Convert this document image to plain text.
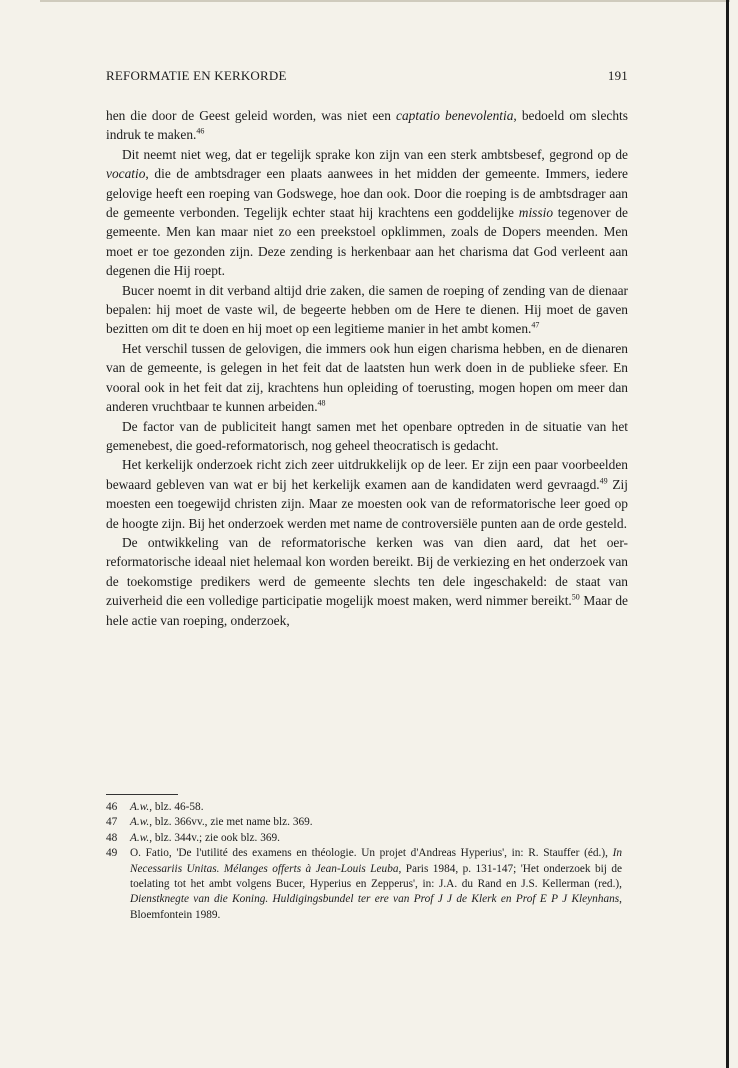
REFORMATIE EN KERKORDE	191

hen die door de Geest geleid worden, was niet een captatio benevolentia, bedoeld om slechts indruk te maken.$^{46}$

Dit neemt niet weg, dat er tegelijk sprake kon zijn van een sterk ambtsbesef, gegrond op de vocatio, die de ambtsdrager een plaats aanwees in het midden der gemeente. Immers, iedere gelovige heeft een roeping van Godswege, hoe dan ook. Door die roeping is de ambtsdrager aan de gemeente verbonden. Tegelijk echter staat hij krachtens een goddelijke missio tegenover de gemeente. Men kan maar niet zo een preekstoel opklimmen, zoals de Dopers meenden. Men moet er toe gezonden zijn. Deze zending is herkenbaar aan het charisma dat God verleent aan degenen die Hij roept.

Bucer noemt in dit verband altijd drie zaken, die samen de roeping of zending van de dienaar bepalen: hij moet de vaste wil, de begeerte hebben om de Here te dienen. Hij moet de gaven bezitten om dit te doen en hij moet op een legitieme manier in het ambt komen.$^{47}$

Het verschil tussen de gelovigen, die immers ook hun eigen charisma hebben, en de dienaren van de gemeente, is gelegen in het feit dat de laatsten hun werk doen in de publieke sfeer. En vooral ook in het feit dat zij, krachtens hun opleiding of toerusting, mogen hopen om meer dan anderen vruchtbaar te kunnen arbeiden.$^{48}$

De factor van de publiciteit hangt samen met het openbare optreden in de situatie van het gemenebest, die goed-reformatorisch, nog geheel theocratisch is gedacht.

Het kerkelijk onderzoek richt zich zeer uitdrukkelijk op de leer. Er zijn een paar voorbeelden bewaard gebleven van wat er bij het kerkelijk examen aan de kandidaten werd gevraagd.$^{49}$ Zij moesten een toegewijd christen zijn. Maar ze moesten ook van de reformatorische leer goed op de hoogte zijn. Bij het onderzoek werden met name de controversiële punten aan de orde gesteld.

De ontwikkeling van de reformatorische kerken was van dien aard, dat het oer-reformatorische ideaal niet helemaal kon worden bereikt. Bij de verkiezing en het onderzoek van de toekomstige predikers werd de gemeente slechts ten dele ingeschakeld: de staat van zuiverheid die een volledige participatie mogelijk moest maken, werd nimmer bereikt.$^{50}$ Maar de hele actie van roeping, onderzoek,

46	A.w., blz. 46-58.
47	A.w., blz. 366vv., zie met name blz. 369.
48	A.w., blz. 344v.; zie ook blz. 369.
49	O. Fatio, 'De l'utilité des examens en théologie. Un projet d'Andreas Hyperius', in: R. Stauffer (éd.), In Necessariis Unitas. Mélanges offerts à Jean-Louis Leuba, Paris 1984, p. 131-147; 'Het onderzoek bij de toelating tot het ambt volgens Bucer, Hyperius en Zepperus', in: J.A. du Rand en J.S. Kellerman (red.), Dienstknegte van die Koning. Huldigingsbundel ter ere van Prof J J de Klerk en Prof E P J Kleynhans, Bloemfontein 1989.
